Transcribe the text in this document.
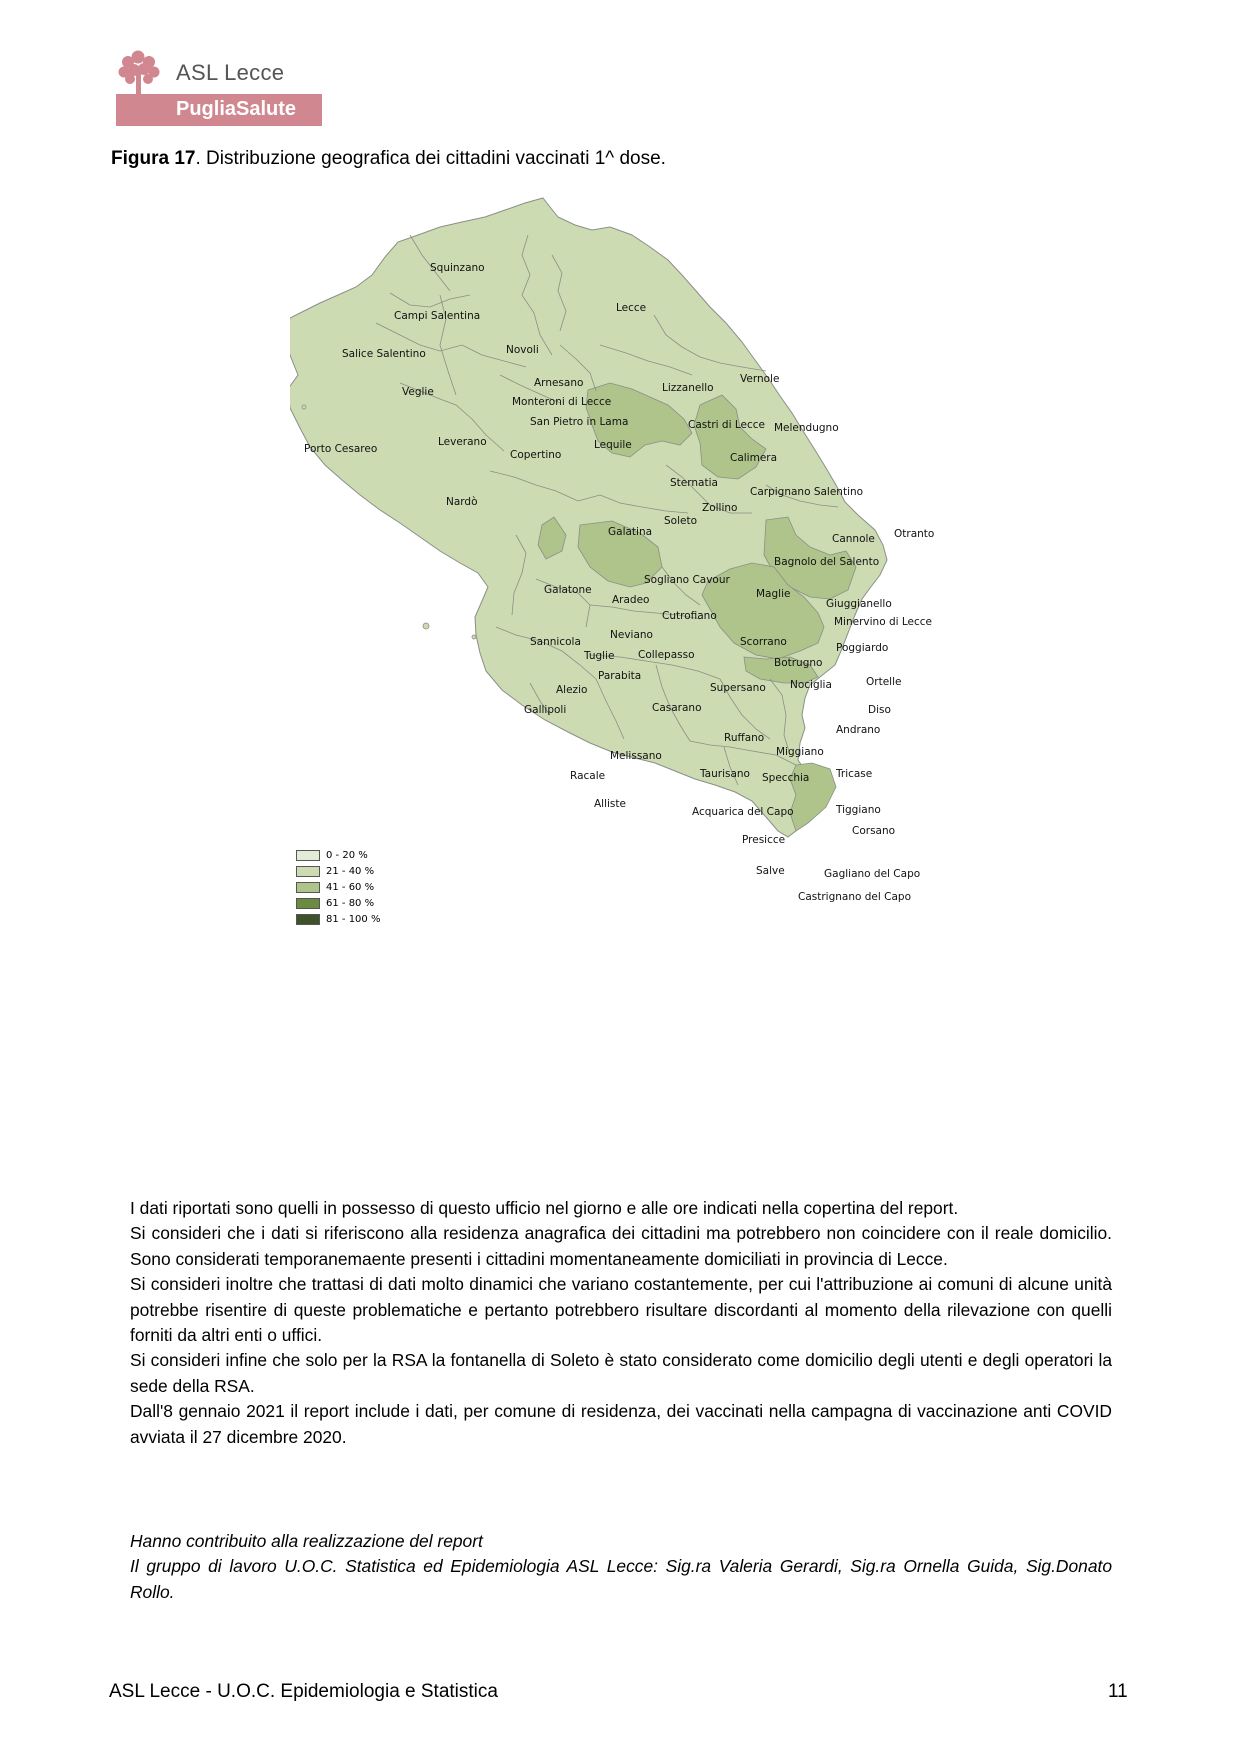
ASL Lecce
PugliaSalute
Figura 17. Distribuzione geografica dei cittadini vaccinati 1^ dose.
Squinzano
Campi Salentina
Lecce
Salice Salentino	Novoli
Veglie
Arnesano
Monteroni di Lecce
Lizzanello
Vernole
San Pietro in Lama	Castri di Lecce Melendugno
Porto Cesareo
Leverano	Lequile
Copertino	Calimera
Sternatia
Carpignano Salentino
Zollino
Nardò
Soleto
Galatina
Cannole Otranto
Bagnolo del Salento
Sogliano Cavour
Galatone
Aradeo	Maglie
Giuggianello
Cutrofiano	Minervino di Lecce
Neviano
Sannicola	Scorrano	Poggiardo
Collepasso
Tuglie
Botrugno
Parabita	Ortelle
Alezio	Supersano Nociglia
Gallipoli	Casarano	Diso
Andrano
Ruffano
Miggiano
Melissano
Racale	Taurisano Specchia	Tricase
Alliste
Acquarica del Capo	Tiggiano
Corsano
Presicce
Gagliano del Capo
Salve
Castrignano del Capo
0 - 20 %
21 - 40 %
41 - 60 %
61 - 80 %
81 - 100 %

I dati riportati sono quelli in possesso di questo ufficio nel giorno e alle ore indicati nella copertina del report.

Si consideri che i dati si riferiscono alla residenza anagrafica dei cittadini ma potrebbero non coincidere con il reale domicilio. Sono considerati temporanemaente presenti i cittadini momentaneamente domiciliati in provincia di Lecce.

Si consideri inoltre che trattasi di dati molto dinamici che variano costantemente, per cui l'attribuzione ai comuni di alcune unità potrebbe risentire di queste problematiche e pertanto potrebbero risultare discordanti al momento della rilevazione con quelli forniti da altri enti o uffici.

Si consideri infine che solo per la RSA la fontanella di Soleto è stato considerato come domicilio degli utenti e degli operatori la sede della RSA.

Dall'8 gennaio 2021 il report include i dati, per comune di residenza, dei vaccinati nella campagna di vaccinazione anti COVID avviata il 27 dicembre 2020.

Hanno contribuito alla realizzazione del report

Il gruppo di lavoro U.O.C. Statistica ed Epidemiologia ASL Lecce: Sig.ra Valeria Gerardi, Sig.ra Ornella Guida, Sig.Donato Rollo.

ASL Lecce - U.O.C. Epidemiologia e Statistica	11
